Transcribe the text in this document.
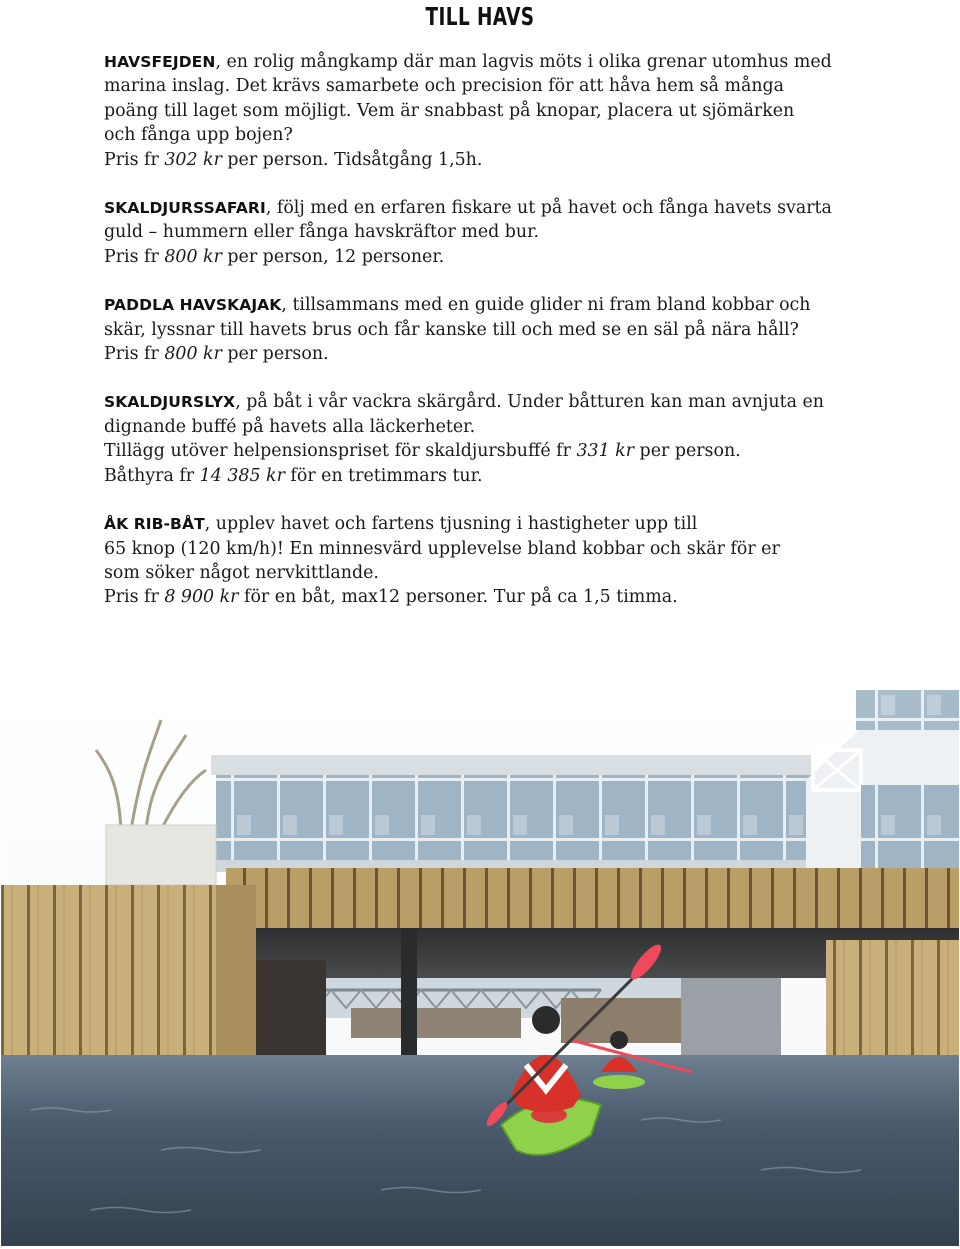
TILL HAVS
HAVSFEJDEN, en rolig mångkamp där man lagvis möts i olika grenar utomhus med
marina inslag. Det krävs samarbete och precision för att håva hem så många
poäng till laget som möjligt. Vem är snabbast på knopar, placera ut sjömärken
och fånga upp bojen?
Pris fr 302 kr per person. Tidsåtgång 1,5h.
SKALDJURSSAFARI, följ med en erfaren fiskare ut på havet och fånga havets svarta
guld – hummern eller fånga havskräftor med bur.
Pris fr 800 kr per person, 12 personer.
PADDLA HAVSKAJAK, tillsammans med en guide glider ni fram bland kobbar och
skär, lyssnar till havets brus och får kanske till och med se en säl på nära håll?
Pris fr 800 kr per person.
SKALDJURSLYX, på båt i vår vackra skärgård. Under båtturen kan man avnjuta en
dignande buffé på havets alla läckerheter.
Tillägg utöver helpensionspriset för skaldjursbuffé fr 331 kr per person.
Båthyra fr 14 385 kr för en tretimmars tur.
ÅK RIB-BÅT, upplev havet och fartens tjusning i hastigheter upp till
65 knop (120 km/h)! En minnesvärd upplevelse bland kobbar och skär för er
som söker något nervkittlande.
Pris fr 8 900 kr för en båt, max12 personer. Tur på ca 1,5 timma.
